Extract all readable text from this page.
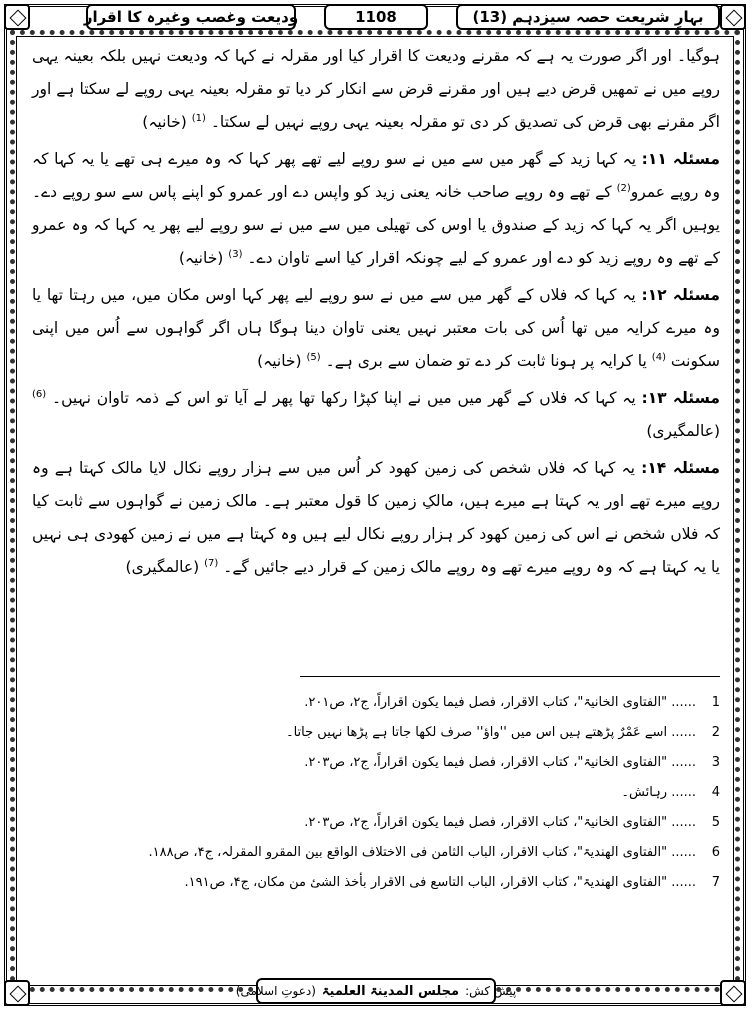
بہارِ شریعت حصہ سیزدہم (13)
1108
ودیعت وغصب وغیرہ کا اقرار

ہوگیا۔ اور اگر صورت یہ ہے کہ مقرنے ودیعت کا اقرار کیا اور مقرلہ نے کہا کہ ودیعت نہیں بلکہ بعینہ یہی روپے میں نے تمھیں قرض دیے ہیں اور مقرنے قرض سے انکار کر دیا تو مقرلہ بعینہ یہی روپے لے سکتا ہے اور اگر مقرنے بھی قرض کی تصدیق کر دی تو مقرلہ بعینہ یہی روپے نہیں لے سکتا۔ $^{(1)}$ (خانیہ)

مسئلہ ۱۱: یہ کہا زید کے گھر میں سے میں نے سو روپے لیے تھے پھر کہا کہ وہ میرے ہی تھے یا یہ کہا کہ وہ روپے عمرو$^{(2)}$ کے تھے وہ روپے صاحب خانہ یعنی زید کو واپس دے اور عمرو کو اپنے پاس سے سو روپے دے۔ یوہیں اگر یہ کہا کہ زید کے صندوق یا اوس کی تھیلی میں سے میں نے سو روپے لیے پھر یہ کہا کہ وہ عمرو کے تھے وہ روپے زید کو دے اور عمرو کے لیے چونکہ اقرار کیا اسے تاوان دے۔ $^{(3)}$ (خانیہ)

مسئلہ ۱۲: یہ کہا کہ فلاں کے گھر میں سے میں نے سو روپے لیے پھر کہا اوس مکان میں، میں رہتا تھا یا وہ میرے کرایہ میں تھا اُس کی بات معتبر نہیں یعنی تاوان دینا ہوگا ہاں اگر گواہوں سے اُس میں اپنی سکونت $^{(4)}$ یا کرایہ پر ہونا ثابت کر دے تو ضمان سے بری ہے۔ $^{(5)}$ (خانیہ)

مسئلہ ۱۳: یہ کہا کہ فلاں کے گھر میں میں نے اپنا کپڑا رکھا تھا پھر لے آیا تو اس کے ذمہ تاوان نہیں۔ $^{(6)}$ (عالمگیری)

مسئلہ ۱۴: یہ کہا کہ فلاں شخص کی زمین کھود کر اُس میں سے ہزار روپے نکال لایا مالک کہتا ہے وہ روپے میرے تھے اور یہ کہتا ہے میرے ہیں، مالکِ زمین کا قول معتبر ہے۔ مالک زمین نے گواہوں سے ثابت کیا کہ فلاں شخص نے اس کی زمین کھود کر ہزار روپے نکال لیے ہیں وہ کہتا ہے میں نے زمین کھودی ہی نہیں یا یہ کہتا ہے کہ وہ روپے میرے تھے وہ روپے مالک زمین کے قرار دیے جائیں گے۔ $^{(7)}$ (عالمگیری)

1...... "الفتاوی الخانیۃ"، کتاب الاقرار، فصل فیما یکون اقراراً، ج۲، ص۲۰۱.
2...... اسے عَمْرٌ پڑھتے ہیں اس میں ''واؤ'' صرف لکھا جاتا ہے پڑھا نہیں جاتا۔
3...... "الفتاوی الخانیۃ"، کتاب الاقرار، فصل فیما یکون اقراراً، ج۲، ص۲۰۳.
4...... رہائش۔
5...... "الفتاوی الخانیۃ"، کتاب الاقرار، فصل فیما یکون اقراراً، ج۲، ص۲۰۳.
6...... "الفتاوی الھندیۃ"، کتاب الاقرار، الباب الثامن فی الاختلاف الواقع بین المقرو المقرلہ، ج۴، ص۱۸۸.
7...... "الفتاوی الھندیۃ"، کتاب الاقرار، الباب التاسع فی الاقرار بأخذ الشیٔ من مکان، ج۴، ص۱۹۱.
پیش کش:
مجلس المدینۃ العلمیۃ
(دعوتِ اسلامی)
